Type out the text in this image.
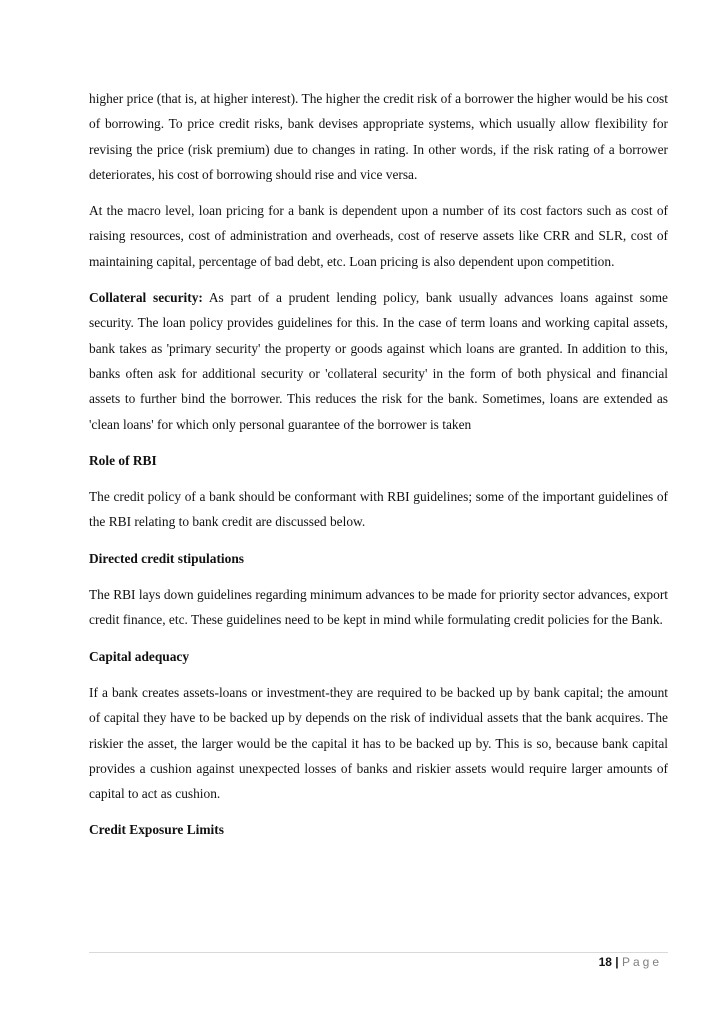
higher price (that is, at higher interest). The higher the credit risk of a borrower the higher would be his cost of borrowing. To price credit risks, bank devises appropriate systems, which usually allow flexibility for revising the price (risk premium) due to changes in rating. In other words, if the risk rating of a borrower deteriorates, his cost of borrowing should rise and vice versa.

At the macro level, loan pricing for a bank is dependent upon a number of its cost factors such as cost of raising resources, cost of administration and overheads, cost of reserve assets like CRR and SLR, cost of maintaining capital, percentage of bad debt, etc. Loan pricing is also dependent upon competition.

Collateral security: As part of a prudent lending policy, bank usually advances loans against some security. The loan policy provides guidelines for this. In the case of term loans and working capital assets, bank takes as 'primary security' the property or goods against which loans are granted. In addition to this, banks often ask for additional security or 'collateral security' in the form of both physical and financial assets to further bind the borrower. This reduces the risk for the bank. Sometimes, loans are extended as 'clean loans' for which only personal guarantee of the borrower is taken

Role of RBI

The credit policy of a bank should be conformant with RBI guidelines; some of the important guidelines of the RBI relating to bank credit are discussed below.

Directed credit stipulations

The RBI lays down guidelines regarding minimum advances to be made for priority sector advances, export credit finance, etc. These guidelines need to be kept in mind while formulating credit policies for the Bank.

Capital adequacy

If a bank creates assets-loans or investment-they are required to be backed up by bank capital; the amount of capital they have to be backed up by depends on the risk of individual assets that the bank acquires. The riskier the asset, the larger would be the capital it has to be backed up by. This is so, because bank capital provides a cushion against unexpected losses of banks and riskier assets would require larger amounts of capital to act as cushion.

Credit Exposure Limits
18 | Page
